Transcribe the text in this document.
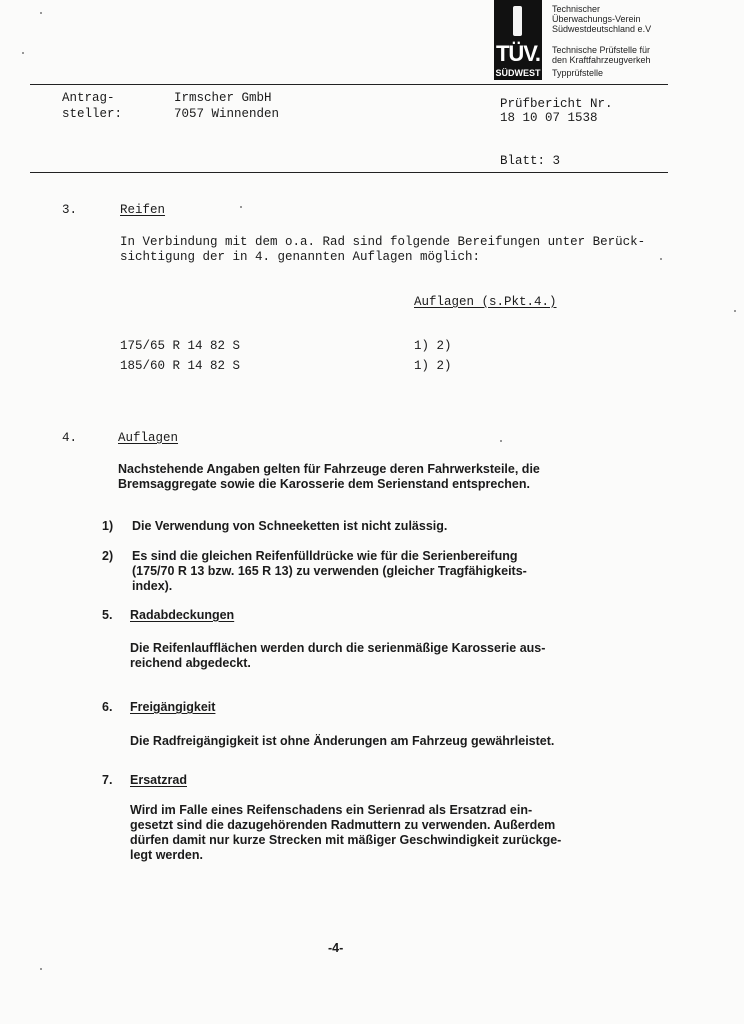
TÜV.
SÜDWEST
Technischer
Überwachungs-Verein
Südwestdeutschland e.V
Technische Prüfstelle für
den Kraftfahrzeugverkeh
Typprüfstelle
Antrag-
steller:
Irmscher GmbH
7057 Winnenden
Prüfbericht Nr.
18 10 07 1538
Blatt: 3
3.	Reifen
In Verbindung mit dem o.a. Rad sind folgende Bereifungen unter Berück-
sichtigung der in 4. genannten Auflagen möglich:
Auflagen (s.Pkt.4.)
175/65 R 14 82 S	1) 2)
185/60 R 14 82 S	1) 2)
4.	Auflagen
Nachstehende Angaben gelten für Fahrzeuge deren Fahrwerksteile, die
Bremsaggregate sowie die Karosserie dem Serienstand entsprechen.
1) Die Verwendung von Schneeketten ist nicht zulässig.
2) Es sind die gleichen Reifenfülldrücke wie für die Serienbereifung
(175/70 R 13 bzw. 165 R 13) zu verwenden (gleicher Tragfähigkeits-
index).
5. Radabdeckungen
Die Reifenlaufflächen werden durch die serienmäßige Karosserie aus-
reichend abgedeckt.
6. Freigängigkeit
Die Radfreigängigkeit ist ohne Änderungen am Fahrzeug gewährleistet.
7. Ersatzrad
Wird im Falle eines Reifenschadens ein Serienrad als Ersatzrad ein-
gesetzt sind die dazugehörenden Radmuttern zu verwenden. Außerdem
dürfen damit nur kurze Strecken mit mäßiger Geschwindigkeit zurückge-
legt werden.
-4-
